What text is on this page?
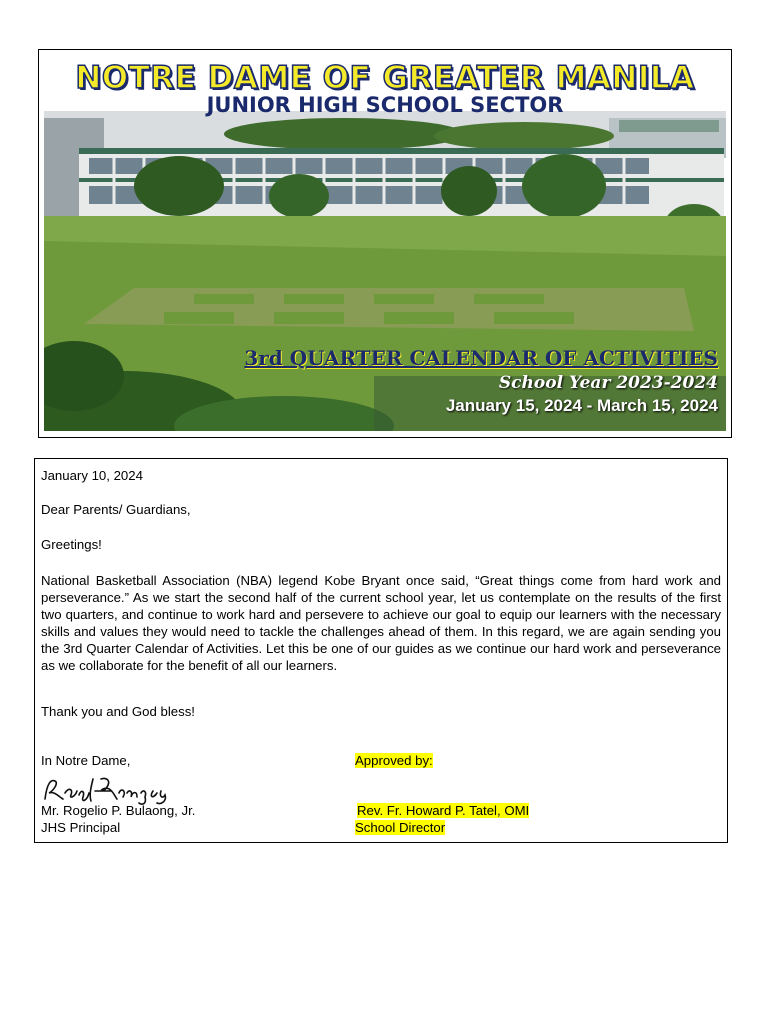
NOTRE DAME OF GREATER MANILA
JUNIOR HIGH SCHOOL SECTOR
3rd QUARTER CALENDAR OF ACTIVITIES
School Year 2023-2024
January 15, 2024 - March 15, 2024

January 10, 2024

Dear Parents/ Guardians,

Greetings!

National Basketball Association (NBA) legend Kobe Bryant once said, “Great things come from hard work and perseverance.” As we start the second half of the current school year, let us contemplate on the results of the first two quarters, and continue to work hard and persevere to achieve our goal to equip our learners with the necessary skills and values they would need to tackle the challenges ahead of them. In this regard, we are again sending you the 3rd Quarter Calendar of Activities. Let this be one of our guides as we continue our hard work and perseverance as we collaborate for the benefit of all our learners.

Thank you and God bless!

In Notre Dame,	Approved by:

Mr. Rogelio P. Bulaong, Jr.	Rev. Fr. Howard P. Tatel, OMI

JHS Principal	School Director
